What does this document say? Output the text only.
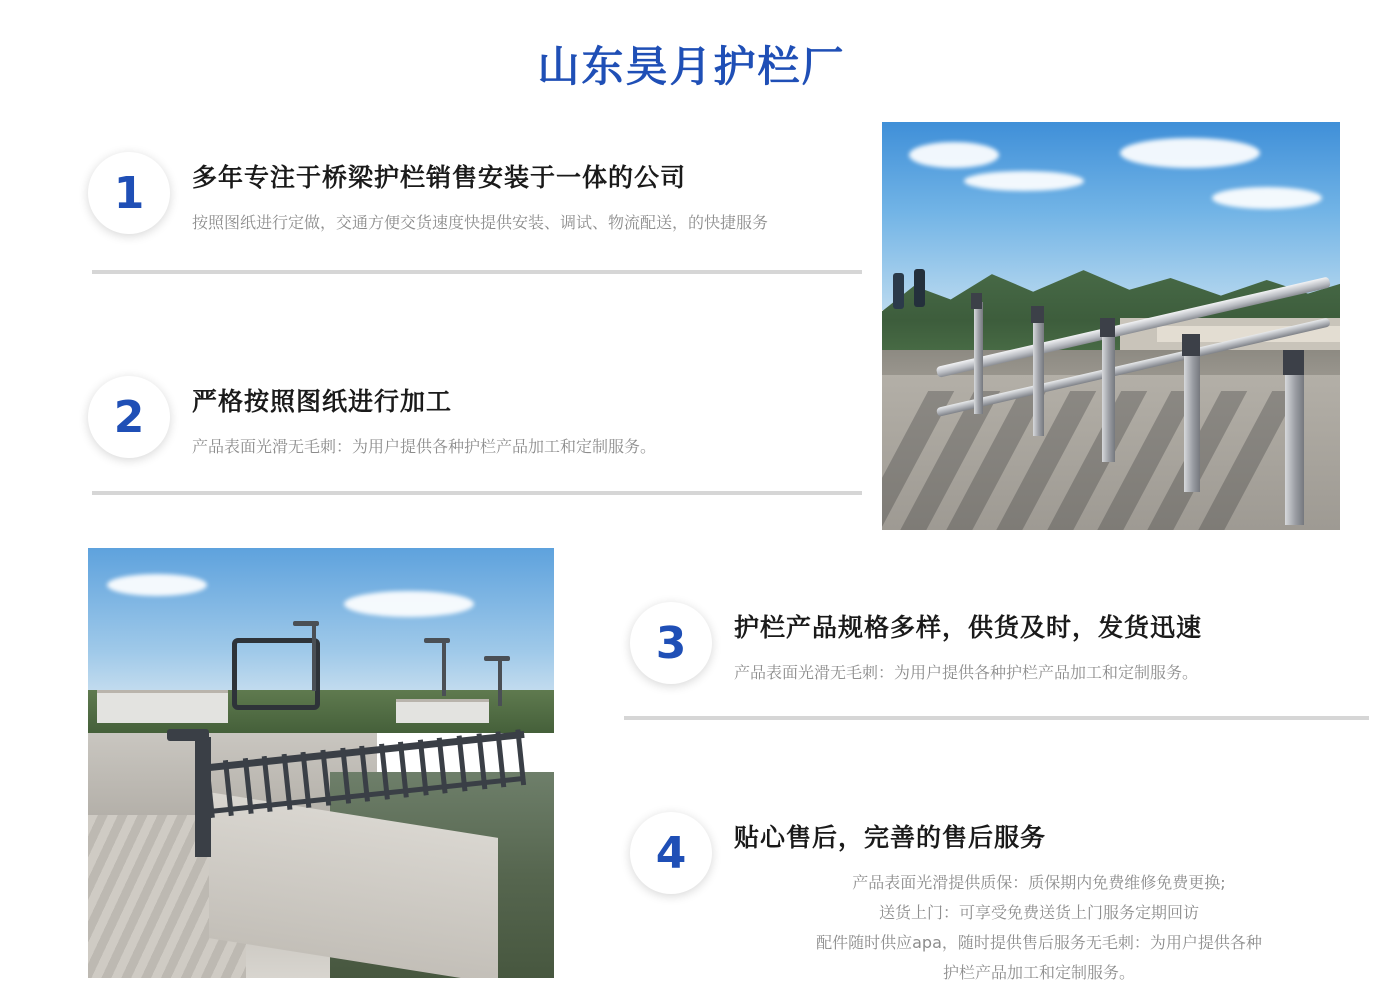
山东昊月护栏厂
1	多年专注于桥梁护栏销售安装于一体的公司
按照图纸进行定做，交通方便交货速度快提供安装、调试、物流配送，的快捷服务
2	严格按照图纸进行加工
产品表面光滑无毛刺：为用户提供各种护栏产品加工和定制服务。
3	护栏产品规格多样，供货及时，发货迅速
产品表面光滑无毛刺：为用户提供各种护栏产品加工和定制服务。
4	贴心售后，完善的售后服务
产品表面光滑提供质保：质保期内免费维修免费更换;
送货上门：可享受免费送货上门服务定期回访
配件随时供应ара，随时提供售后服务无毛刺：为用户提供各种
护栏产品加工和定制服务。
